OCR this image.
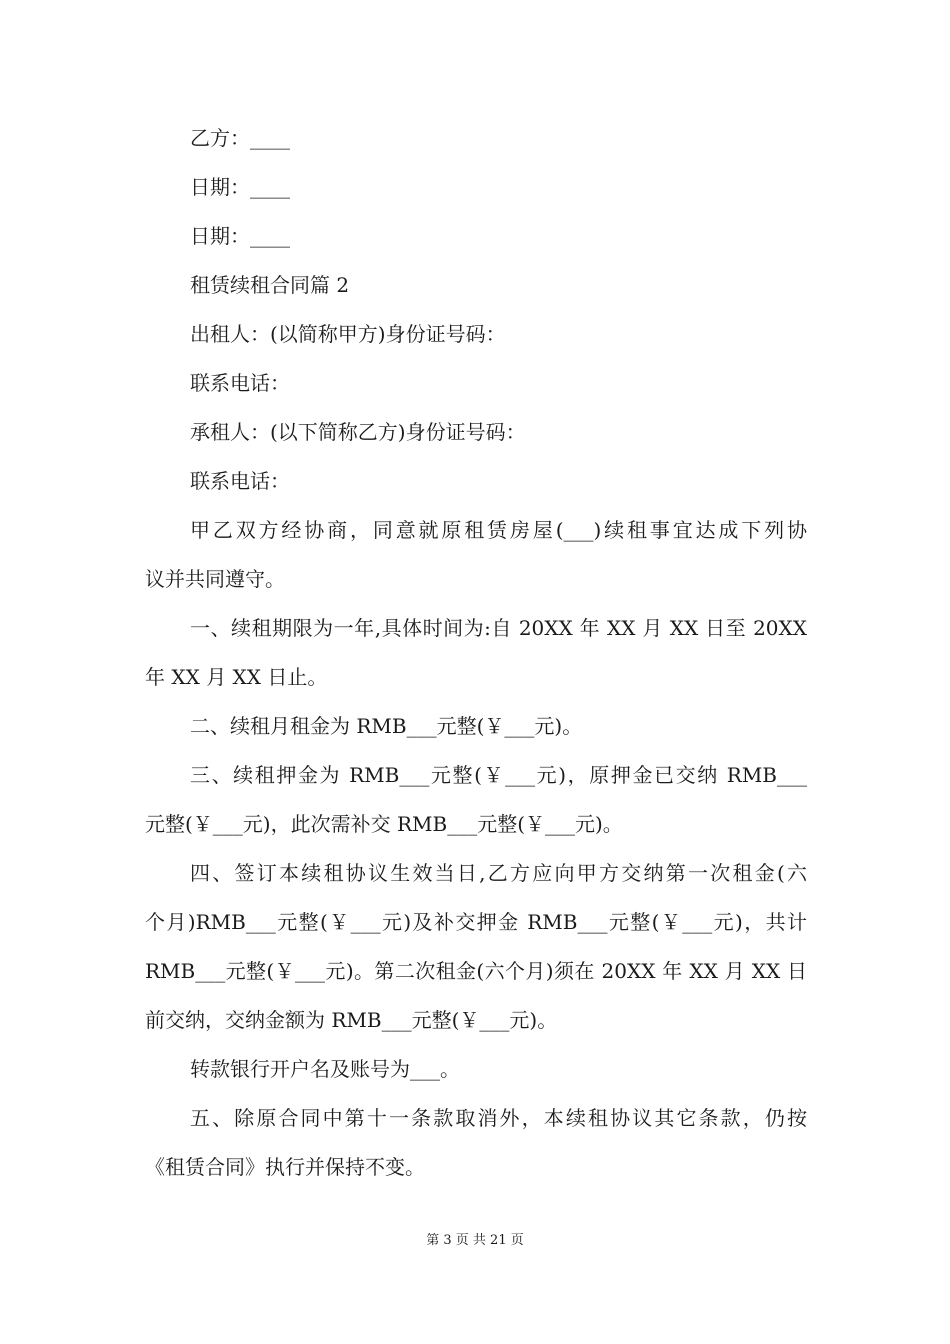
乙方：____

日期：____

日期：____

租赁续租合同篇 2

出租人：(以简称甲方)身份证号码：

联系电话：

承租人：(以下简称乙方)身份证号码：

联系电话：

甲乙双方经协商，同意就原租赁房屋(___)续租事宜达成下列协

议并共同遵守。

一、续租期限为一年,具体时间为:自 20XX 年 XX 月 XX 日至 20XX

年 XX 月 XX 日止。

二、续租月租金为 RMB___元整(￥___元)。

三、续租押金为 RMB___元整(￥___元)，原押金已交纳 RMB___

元整(￥___元)，此次需补交 RMB___元整(￥___元)。

四、签订本续租协议生效当日,乙方应向甲方交纳第一次租金(六

个月)RMB___元整(￥___元)及补交押金 RMB___元整(￥___元)，共计

RMB___元整(￥___元)。第二次租金(六个月)须在 20XX 年 XX 月 XX 日

前交纳，交纳金额为 RMB___元整(￥___元)。

转款银行开户名及账号为___。

五、除原合同中第十一条款取消外，本续租协议其它条款，仍按

《租赁合同》执行并保持不变。

第 3 页 共 21 页
